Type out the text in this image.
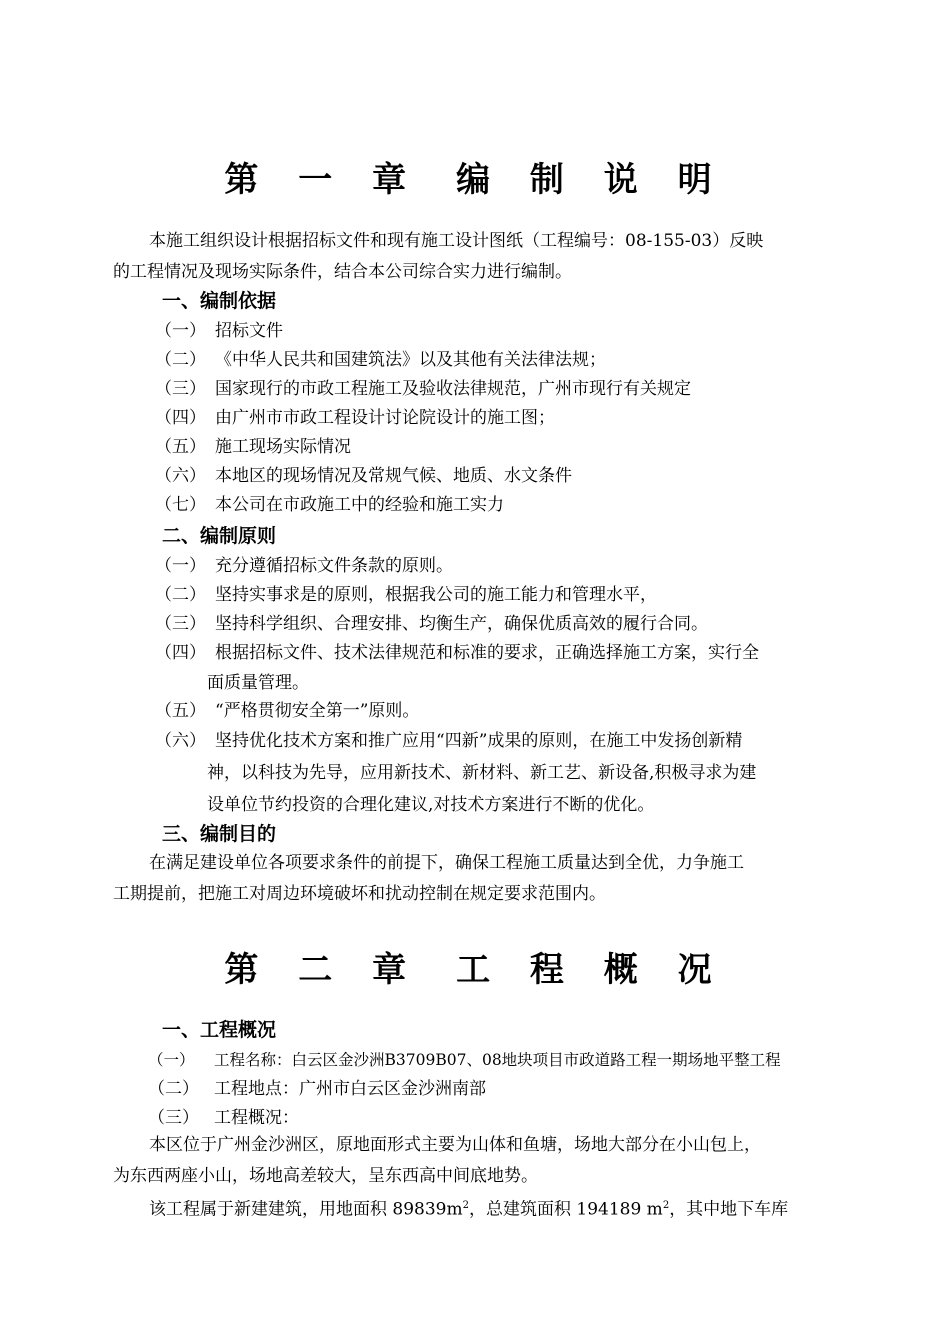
第 一 章 编 制 说 明
本施工组织设计根据招标文件和现有施工设计图纸（工程编号：08-155-03）反映
的工程情况及现场实际条件，结合本公司综合实力进行编制。
一、编制依据
（一） 招标文件
（二） 《中华人民共和国建筑法》以及其他有关法律法规；
（三） 国家现行的市政工程施工及验收法律规范，广州市现行有关规定
（四） 由广州市市政工程设计讨论院设计的施工图；
（五） 施工现场实际情况
（六） 本地区的现场情况及常规气候、地质、水文条件
（七） 本公司在市政施工中的经验和施工实力
二、编制原则
（一） 充分遵循招标文件条款的原则。
（二） 坚持实事求是的原则，根据我公司的施工能力和管理水平，
（三） 坚持科学组织、合理安排、均衡生产，确保优质高效的履行合同。
（四） 根据招标文件、技术法律规范和标准的要求，正确选择施工方案，实行全
面质量管理。
（五） “严格贯彻安全第一”原则。
（六） 坚持优化技术方案和推广应用“四新”成果的原则，在施工中发扬创新精
神，以科技为先导，应用新技术、新材料、新工艺、新设备,积极寻求为建
设单位节约投资的合理化建议,对技术方案进行不断的优化。
三、编制目的
在满足建设单位各项要求条件的前提下，确保工程施工质量达到全优，力争施工
工期提前，把施工对周边环境破坏和扰动控制在规定要求范围内。
第 二 章 工 程 概 况
一、工程概况
（一） 工程名称：白云区金沙洲B3709B07、08地块项目市政道路工程一期场地平整工程
（二） 工程地点：广州市白云区金沙洲南部
（三） 工程概况：
本区位于广州金沙洲区，原地面形式主要为山体和鱼塘，场地大部分在小山包上，
为东西两座小山，场地高差较大，呈东西高中间底地势。
该工程属于新建建筑，用地面积 $89839m^2$，总建筑面积 194189 $m^2$，其中地下车库
